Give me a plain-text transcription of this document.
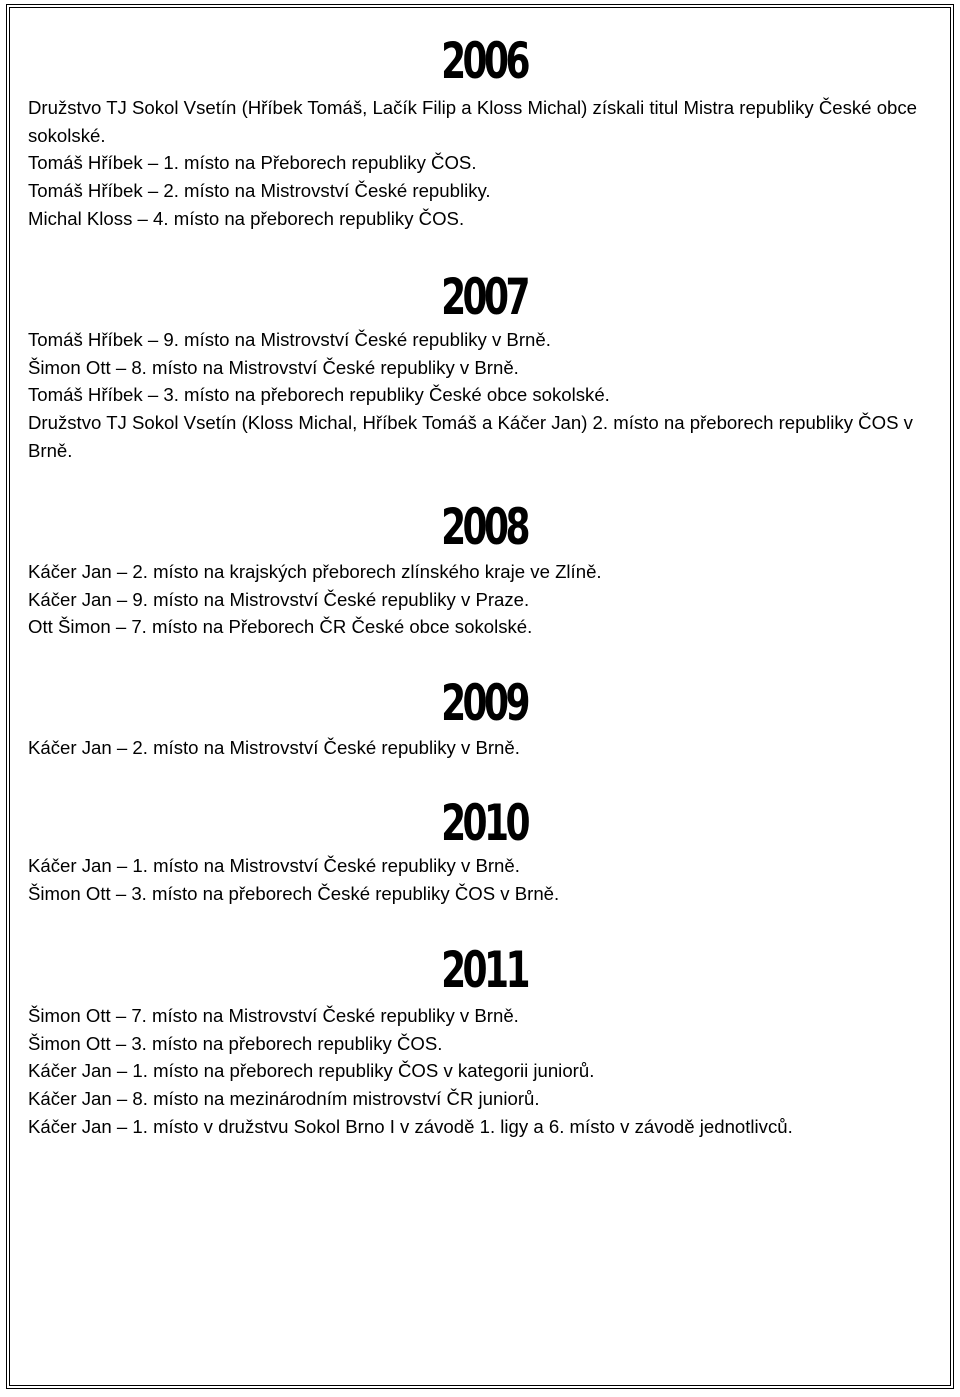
2006

Družstvo TJ Sokol Vsetín (Hříbek Tomáš, Lačík Filip a Kloss Michal) získali titul Mistra republiky České obce sokolské.

Tomáš Hříbek – 1. místo na Přeborech republiky ČOS.

Tomáš Hříbek – 2. místo na Mistrovství České republiky.

Michal Kloss – 4. místo na přeborech republiky ČOS.

2007

Tomáš Hříbek – 9. místo na Mistrovství České republiky v Brně.

Šimon Ott – 8. místo na Mistrovství České republiky v Brně.

Tomáš Hříbek – 3. místo na přeborech republiky České obce sokolské.

Družstvo TJ Sokol Vsetín (Kloss Michal, Hříbek Tomáš a Káčer Jan) 2. místo na přeborech republiky ČOS v Brně.

2008

Káčer Jan – 2. místo na krajských přeborech zlínského kraje ve Zlíně.

Káčer Jan – 9. místo na Mistrovství České republiky v Praze.

Ott Šimon – 7. místo na Přeborech ČR České obce sokolské.

2009

Káčer Jan – 2. místo na Mistrovství České republiky v Brně.

2010

Káčer Jan – 1. místo na Mistrovství České republiky v Brně.

Šimon Ott – 3. místo na přeborech České republiky ČOS v Brně.

2011

Šimon Ott – 7. místo na Mistrovství České republiky v Brně.

Šimon Ott – 3. místo na přeborech republiky ČOS.

Káčer Jan – 1. místo na přeborech republiky ČOS v kategorii juniorů.

Káčer Jan – 8. místo na mezinárodním mistrovství ČR juniorů.

Káčer Jan – 1. místo v družstvu Sokol Brno I v závodě 1. ligy a 6. místo v závodě jednotlivců.
